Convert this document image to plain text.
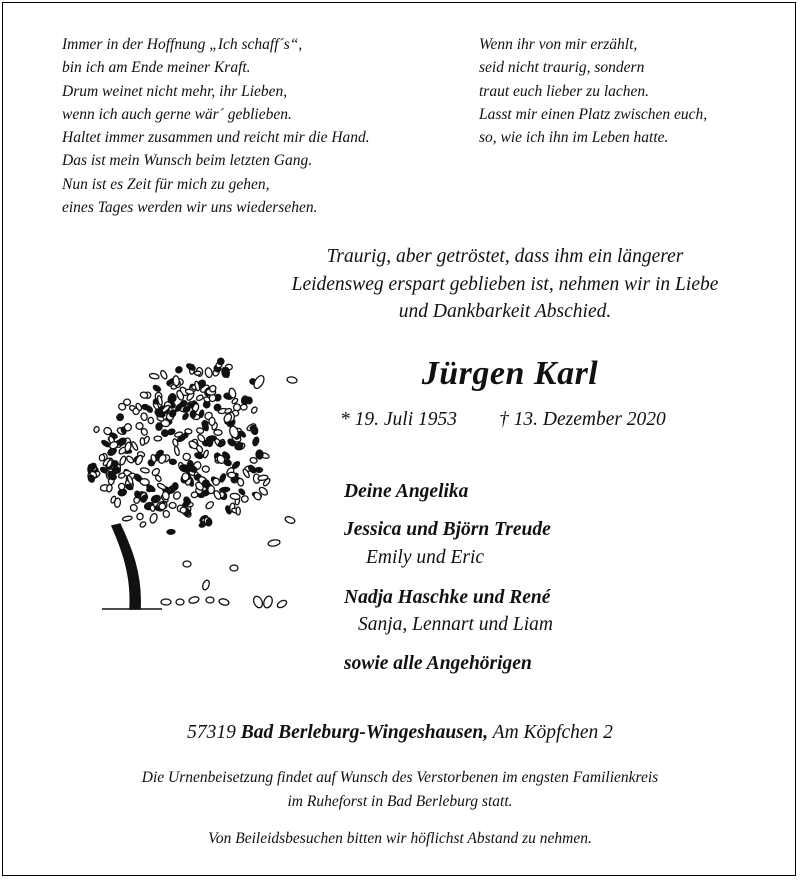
Immer in der Hoffnung „Ich schaff´s“,
bin ich am Ende meiner Kraft.
Drum weinet nicht mehr, ihr Lieben,
wenn ich auch gerne wär´ geblieben.
Haltet immer zusammen und reicht mir die Hand.
Das ist mein Wunsch beim letzten Gang.
Nun ist es Zeit für mich zu gehen,
eines Tages werden wir uns wiedersehen.
Wenn ihr von mir erzählt,
seid nicht traurig, sondern
traut euch lieber zu lachen.
Lasst mir einen Platz zwischen euch,
so, wie ich ihn im Leben hatte.
Traurig, aber getröstet, dass ihm ein längerer
Leidensweg erspart geblieben ist, nehmen wir in Liebe
und Dankbarkeit Abschied.
Jürgen Karl
* 19. Juli 1953 † 13. Dezember 2020
Deine Angelika
Jessica und Björn Treude
Emily und Eric
Nadja Haschke und René
Sanja, Lennart und Liam
sowie alle Angehörigen
57319 Bad Berleburg-Wingeshausen, Am Köpfchen 2
Die Urnenbeisetzung findet auf Wunsch des Verstorbenen im engsten Familienkreis
im Ruheforst in Bad Berleburg statt.
Von Beileidsbesuchen bitten wir höflichst Abstand zu nehmen.
